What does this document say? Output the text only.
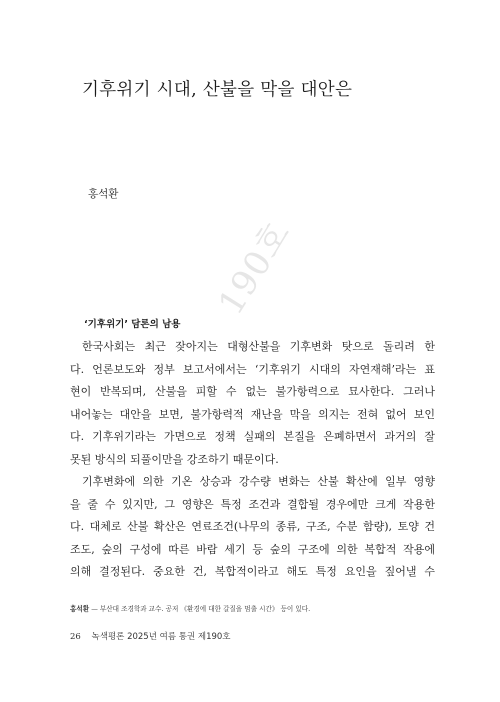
190호
기후위기 시대, 산불을 막을 대안은
홍석환
‘기후위기’ 담론의 남용
한국사회는 최근 잦아지는 대형산불을 기후변화 탓으로 돌리려 한
다. 언론보도와 정부 보고서에서는 ‘기후위기 시대의 자연재해’라는 표
현이 반복되며, 산불을 피할 수 없는 불가항력으로 묘사한다. 그러나
내어놓는 대안을 보면, 불가항력적 재난을 막을 의지는 전혀 없어 보인
다. 기후위기라는 가면으로 정책 실패의 본질을 은폐하면서 과거의 잘
못된 방식의 되풀이만을 강조하기 때문이다.
기후변화에 의한 기온 상승과 강수량 변화는 산불 확산에 일부 영향
을 줄 수 있지만, 그 영향은 특정 조건과 결합될 경우에만 크게 작용한
다. 대체로 산불 확산은 연료조건(나무의 종류, 구조, 수분 함량), 토양 건
조도, 숲의 구성에 따른 바람 세기 등 숲의 구조에 의한 복합적 작용에
의해 결정된다. 중요한 건, 복합적이라고 해도 특정 요인을 짚어낼 수
홍석환 — 부산대 조경학과 교수. 공저 《환경에 대한 갈질을 멈출 시간》 등이 있다.
26 녹색평론 2025년 여름 통권 제190호
